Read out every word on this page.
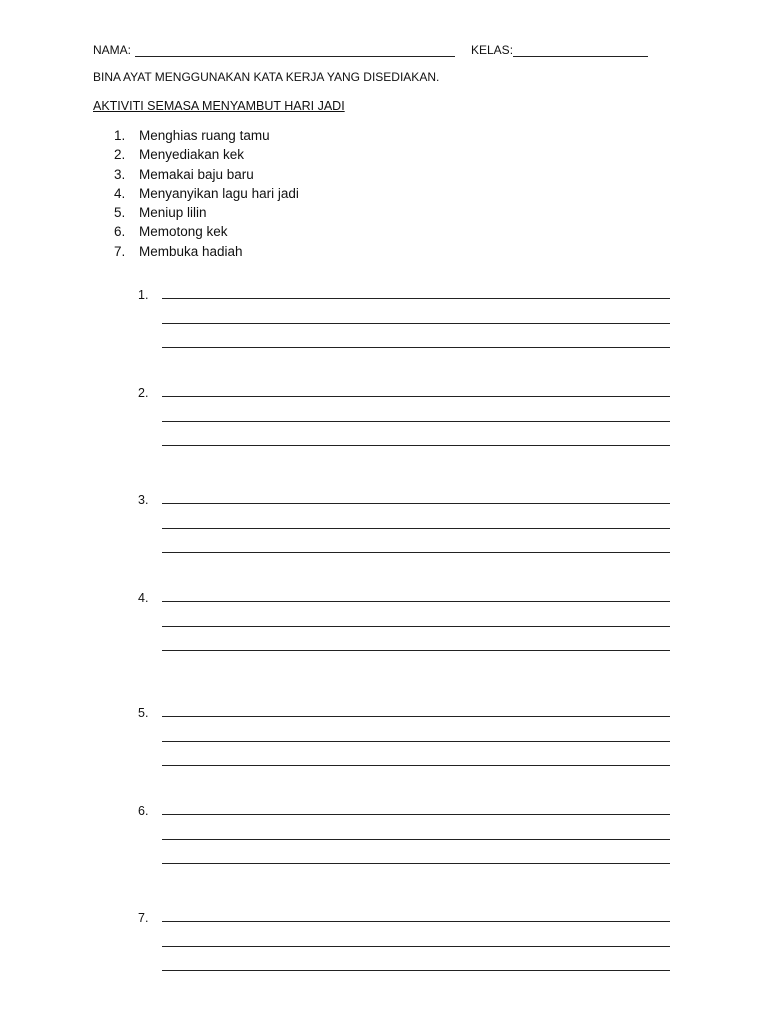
NAMA:	KELAS:
BINA AYAT MENGGUNAKAN KATA KERJA YANG DISEDIAKAN.
AKTIVITI SEMASA MENYAMBUT HARI JADI
1. Menghias ruang tamu
2. Menyediakan kek
3. Memakai baju baru
4. Menyanyikan lagu hari jadi
5. Meniup lilin
6. Memotong kek
7. Membuka hadiah
1.
2.
3.
4.
5.
6.
7.
